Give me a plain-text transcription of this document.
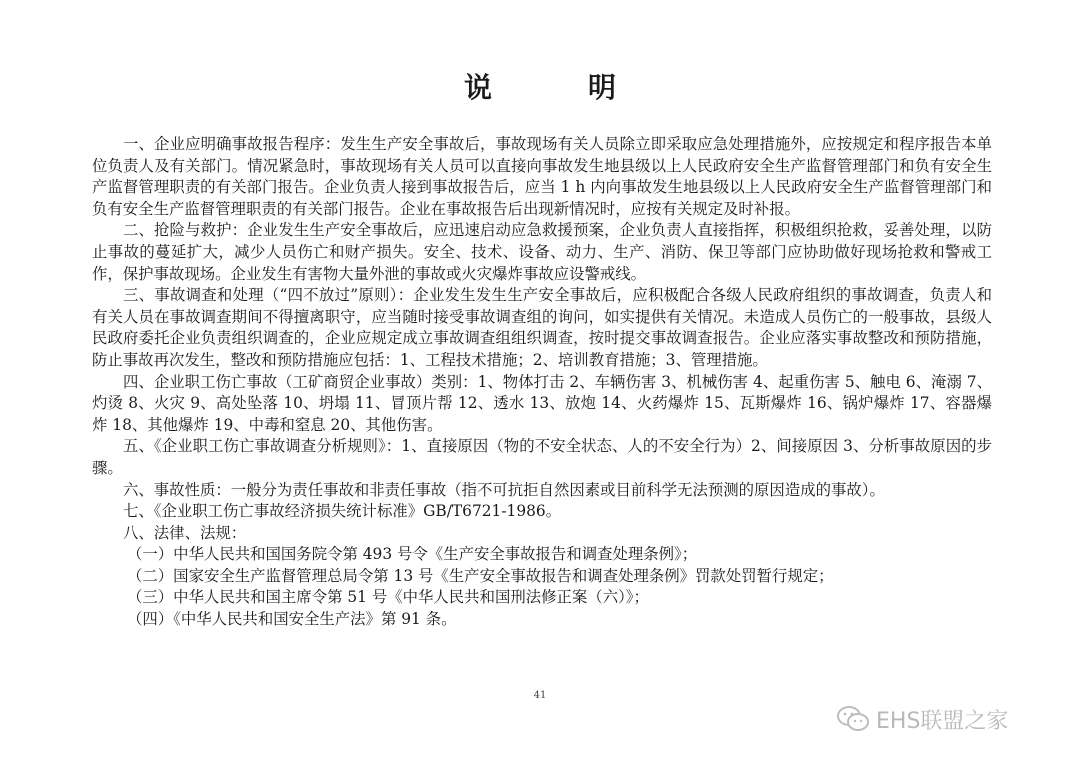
说　明

一、企业应明确事故报告程序：发生生产安全事故后，事故现场有关人员除立即采取应急处理措施外，应按规定和程序报告本单位负责人及有关部门。情况紧急时，事故现场有关人员可以直接向事故发生地县级以上人民政府安全生产监督管理部门和负有安全生产监督管理职责的有关部门报告。企业负责人接到事故报告后，应当 1 h 内向事故发生地县级以上人民政府安全生产监督管理部门和负有安全生产监督管理职责的有关部门报告。企业在事故报告后出现新情况时，应按有关规定及时补报。

二、抢险与救护：企业发生生产安全事故后，应迅速启动应急救援预案，企业负责人直接指挥，积极组织抢救，妥善处理，以防止事故的蔓延扩大，减少人员伤亡和财产损失。安全、技术、设备、动力、生产、消防、保卫等部门应协助做好现场抢救和警戒工作，保护事故现场。企业发生有害物大量外泄的事故或火灾爆炸事故应设警戒线。

三、事故调查和处理（“四不放过”原则）：企业发生发生生产安全事故后，应积极配合各级人民政府组织的事故调查，负责人和有关人员在事故调查期间不得擅离职守，应当随时接受事故调查组的询问，如实提供有关情况。未造成人员伤亡的一般事故，县级人民政府委托企业负责组织调查的，企业应规定成立事故调查组组织调查，按时提交事故调查报告。企业应落实事故整改和预防措施，防止事故再次发生，整改和预防措施应包括：1、工程技术措施；2、培训教育措施；3、管理措施。

四、企业职工伤亡事故（工矿商贸企业事故）类别：1、物体打击 2、车辆伤害 3、机械伤害 4、起重伤害 5、触电 6、淹溺 7、灼烫 8、火灾 9、高处坠落 10、坍塌 11、冒顶片帮 12、透水 13、放炮 14、火药爆炸 15、瓦斯爆炸 16、锅炉爆炸 17、容器爆炸 18、其他爆炸 19、中毒和窒息 20、其他伤害。

五、《企业职工伤亡事故调查分析规则》：1、直接原因（物的不安全状态、人的不安全行为）2、间接原因 3、分析事故原因的步骤。

六、事故性质：一般分为责任事故和非责任事故（指不可抗拒自然因素或目前科学无法预测的原因造成的事故）。

七、《企业职工伤亡事故经济损失统计标准》GB/T6721-1986。

八、法律、法规：

（一）中华人民共和国国务院令第 493 号令《生产安全事故报告和调查处理条例》；

（二）国家安全生产监督管理总局令第 13 号《生产安全事故报告和调查处理条例》罚款处罚暂行规定；

（三）中华人民共和国主席令第 51 号《中华人民共和国刑法修正案（六）》；

（四）《中华人民共和国安全生产法》第 91 条。

41
EHS联盟之家
